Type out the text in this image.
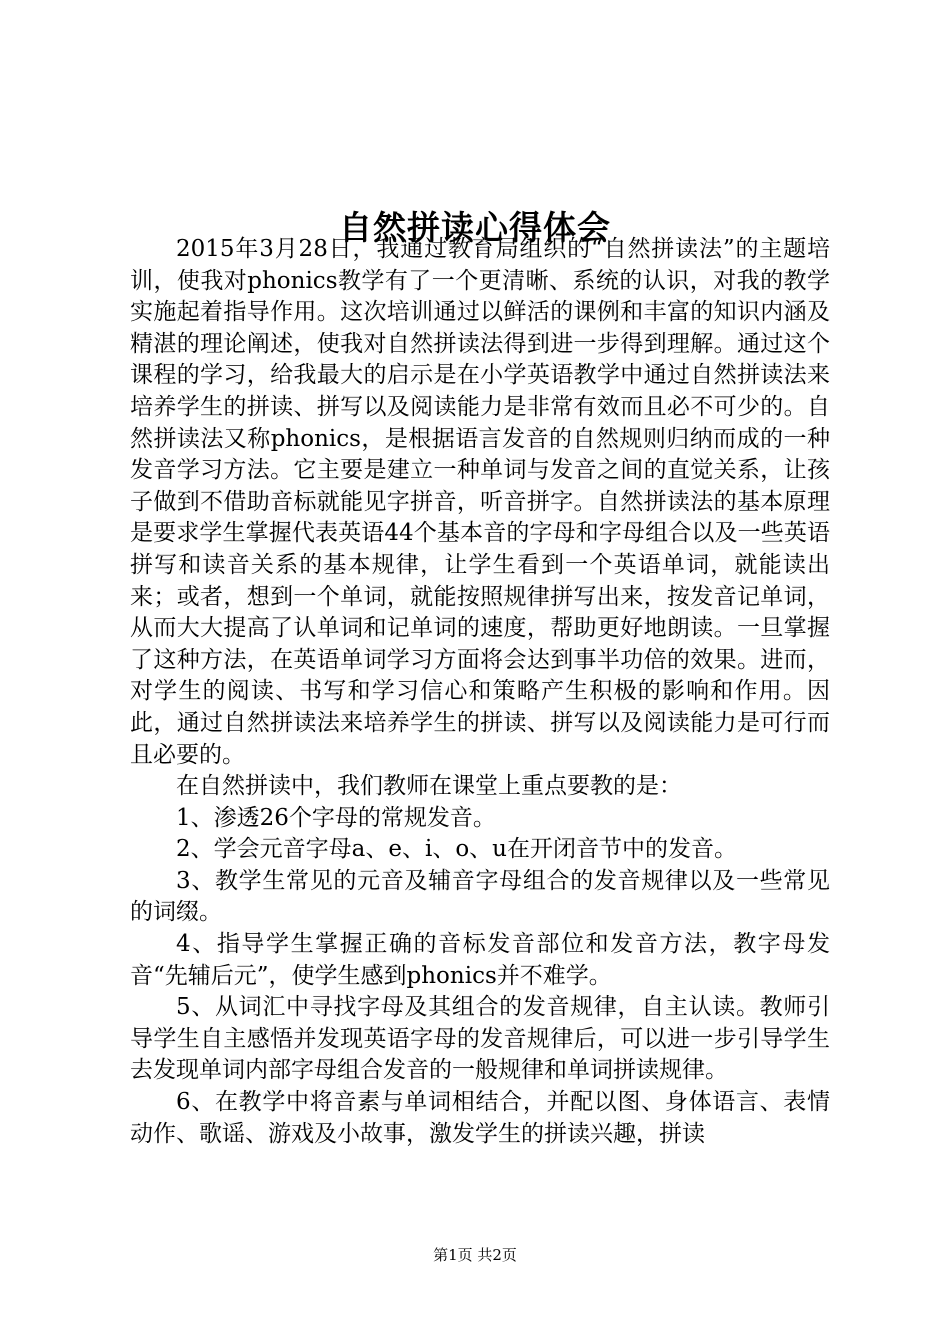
自然拼读心得体会

2015年3月28日，我通过教育局组织的“自然拼读法”的主题培训，使我对phonics教学有了一个更清晰、系统的认识，对我的教学实施起着指导作用。这次培训通过以鲜活的课例和丰富的知识内涵及精湛的理论阐述，使我对自然拼读法得到进一步得到理解。通过这个课程的学习，给我最大的启示是在小学英语教学中通过自然拼读法来培养学生的拼读、拼写以及阅读能力是非常有效而且必不可少的。自然拼读法又称phonics，是根据语言发音的自然规则归纳而成的一种发音学习方法。它主要是建立一种单词与发音之间的直觉关系，让孩子做到不借助音标就能见字拼音，听音拼字。自然拼读法的基本原理是要求学生掌握代表英语44个基本音的字母和字母组合以及一些英语拼写和读音关系的基本规律，让学生看到一个英语单词，就能读出来；或者，想到一个单词，就能按照规律拼写出来，按发音记单词，从而大大提高了认单词和记单词的速度，帮助更好地朗读。一旦掌握了这种方法，在英语单词学习方面将会达到事半功倍的效果。进而，对学生的阅读、书写和学习信心和策略产生积极的影响和作用。因此，通过自然拼读法来培养学生的拼读、拼写以及阅读能力是可行而且必要的。

在自然拼读中，我们教师在课堂上重点要教的是：

1、渗透26个字母的常规发音。

2、学会元音字母a、e、i、o、u在开闭音节中的发音。

3、教学生常见的元音及辅音字母组合的发音规律以及一些常见的词缀。

4、指导学生掌握正确的音标发音部位和发音方法，教字母发音“先辅后元”，使学生感到phonics并不难学。

5、从词汇中寻找字母及其组合的发音规律，自主认读。教师引导学生自主感悟并发现英语字母的发音规律后，可以进一步引导学生去发现单词内部字母组合发音的一般规律和单词拼读规律。

6、在教学中将音素与单词相结合，并配以图、身体语言、表情动作、歌谣、游戏及小故事，激发学生的拼读兴趣，拼读

第1页 共2页
